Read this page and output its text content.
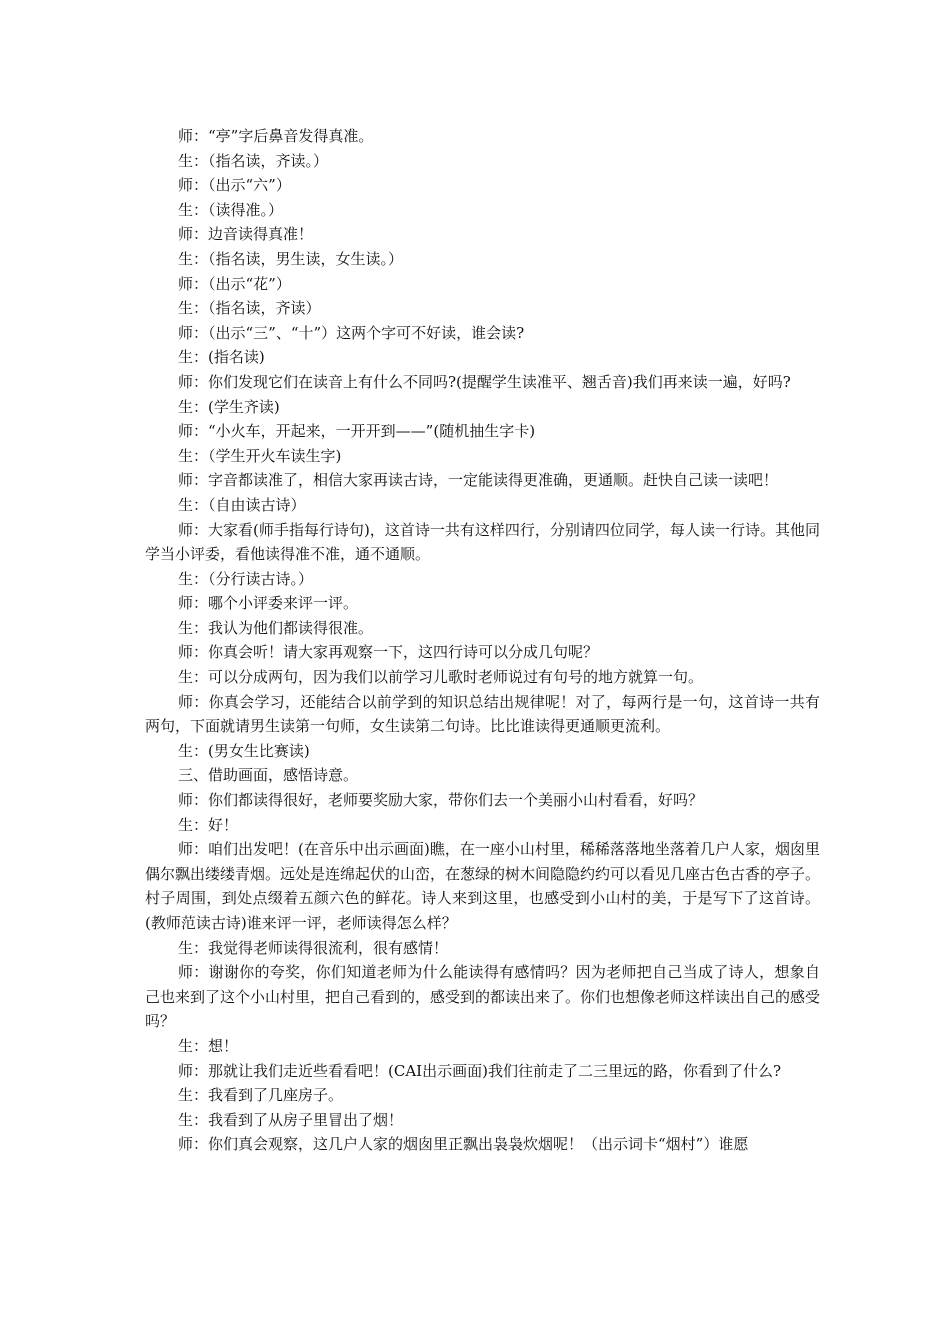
师：“亭”字后鼻音发得真准。

生：（指名读，齐读。）

师：（出示“六”）

生：（读得准。）

师：边音读得真准！

生：（指名读，男生读，女生读。）

师：（出示“花”）

生：（指名读，齐读）

师：（出示“三”、“十”）这两个字可不好读，谁会读?

生：(指名读)

师：你们发现它们在读音上有什么不同吗?(提醒学生读准平、翘舌音)我们再来读一遍，好吗?

生：(学生齐读)

师：“小火车，开起来，一开开到——”(随机抽生字卡)

生：（学生开火车读生字)

师：字音都读准了，相信大家再读古诗，一定能读得更准确，更通顺。赶快自己读一读吧！

生：（自由读古诗）

师：大家看(师手指每行诗句)，这首诗一共有这样四行，分别请四位同学，每人读一行诗。其他同学当小评委，看他读得准不准，通不通顺。

生：（分行读古诗。）

师：哪个小评委来评一评。

生：我认为他们都读得很准。

师：你真会听！请大家再观察一下，这四行诗可以分成几句呢？

生：可以分成两句，因为我们以前学习儿歌时老师说过有句号的地方就算一句。

师：你真会学习，还能结合以前学到的知识总结出规律呢！对了，每两行是一句，这首诗一共有两句，下面就请男生读第一句师，女生读第二句诗。比比谁读得更通顺更流利。

生：(男女生比赛读)

三、借助画面，感悟诗意。

师：你们都读得很好，老师要奖励大家，带你们去一个美丽小山村看看，好吗？

生：好！

师：咱们出发吧！(在音乐中出示画面)瞧，在一座小山村里，稀稀落落地坐落着几户人家，烟囱里偶尔飘出缕缕青烟。远处是连绵起伏的山峦，在葱绿的树木间隐隐约约可以看见几座古色古香的亭子。村子周围，到处点缀着五颜六色的鲜花。诗人来到这里，也感受到小山村的美，于是写下了这首诗。(教师范读古诗)谁来评一评，老师读得怎么样？

生：我觉得老师读得很流利，很有感情！

师：谢谢你的夸奖，你们知道老师为什么能读得有感情吗？因为老师把自己当成了诗人，想象自己也来到了这个小山村里，把自己看到的，感受到的都读出来了。你们也想像老师这样读出自己的感受吗？

生：想！

师：那就让我们走近些看看吧！(CAI出示画面)我们往前走了二三里远的路，你看到了什么?

生：我看到了几座房子。

生：我看到了从房子里冒出了烟！

师：你们真会观察，这几户人家的烟囱里正飘出袅袅炊烟呢！（出示词卡“烟村”）谁愿
